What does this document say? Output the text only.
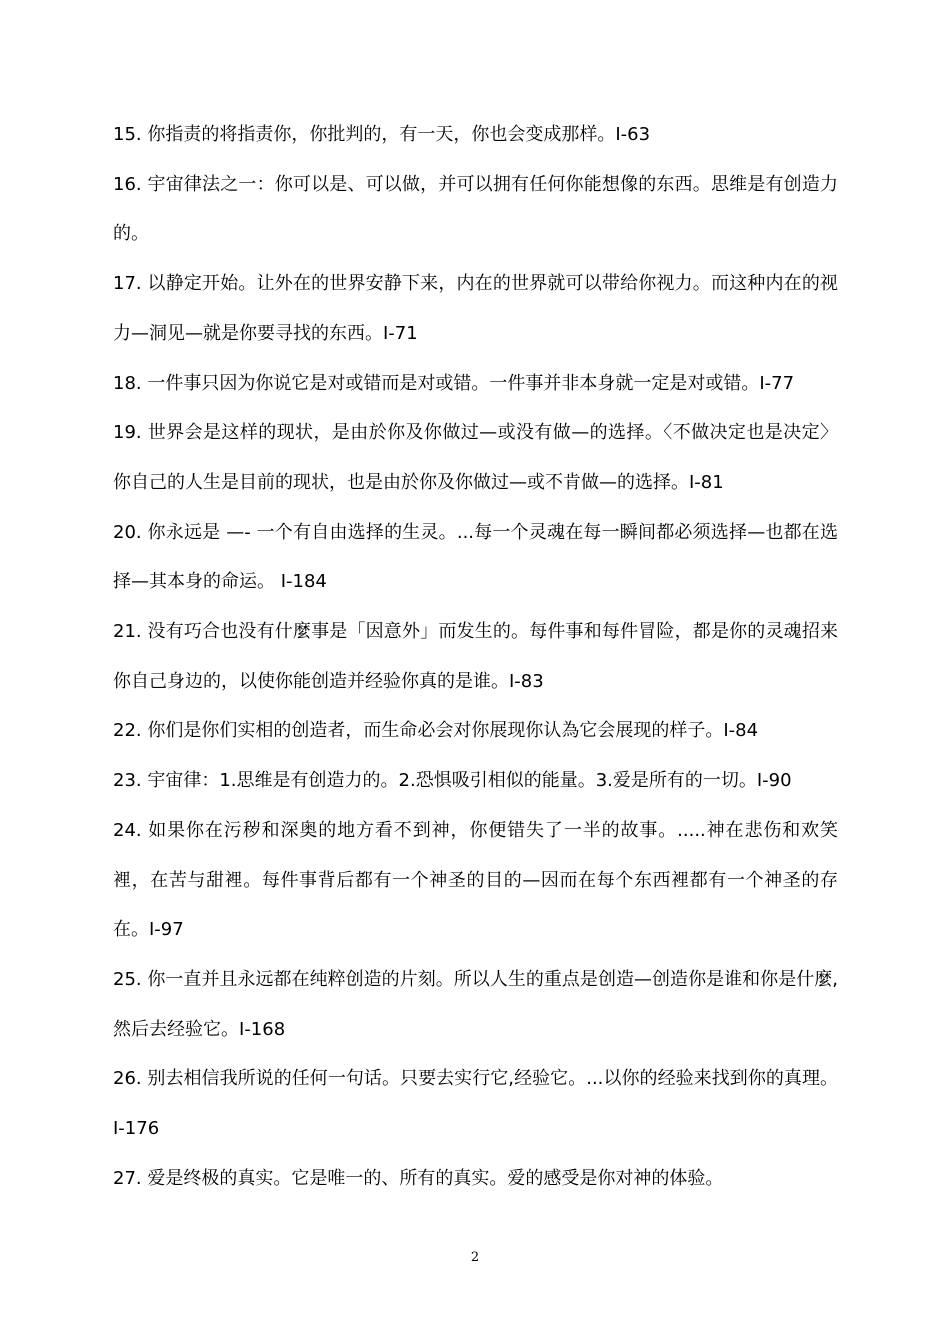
15. 你指责的将指责你，你批判的，有一天，你也会变成那样。I-63

16. 宇宙律法之一：你可以是、可以做，并可以拥有任何你能想像的东西。思维是有创造力的。

17. 以静定开始。让外在的世界安静下来，内在的世界就可以带给你视力。而这种内在的视力—洞见—就是你要寻找的东西。I-71

18. 一件事只因为你说它是对或错而是对或错。一件事并非本身就一定是对或错。I-77

19. 世界会是这样的现状，是由於你及你做过—或没有做—的选择。〈不做决定也是决定〉你自己的人生是目前的现状，也是由於你及你做过—或不肯做—的选择。I-81

20. 你永远是 —- 一个有自由选择的生灵。...每一个灵魂在每一瞬间都必须选择—也都在选择—其本身的命运。 I-184

21. 没有巧合也没有什麼事是「因意外」而发生的。每件事和每件冒险，都是你的灵魂招来你自己身边的，以使你能创造并经验你真的是谁。I-83

22. 你们是你们实相的创造者，而生命必会对你展现你认為它会展现的样子。I-84

23. 宇宙律：1.思维是有创造力的。2.恐惧吸引相似的能量。3.爱是所有的一切。I-90

24. 如果你在污秽和深奥的地方看不到神，你便错失了一半的故事。.....神在悲伤和欢笑裡，在苦与甜裡。每件事背后都有一个神圣的目的—因而在每个东西裡都有一个神圣的存在。I-97

25. 你一直并且永远都在纯粹创造的片刻。所以人生的重点是创造—创造你是谁和你是什麼,然后去经验它。I-168

26. 别去相信我所说的任何一句话。只要去实行它,经验它。...以你的经验来找到你的真理。I-176

27. 爱是终极的真实。它是唯一的、所有的真实。爱的感受是你对神的体验。

2
